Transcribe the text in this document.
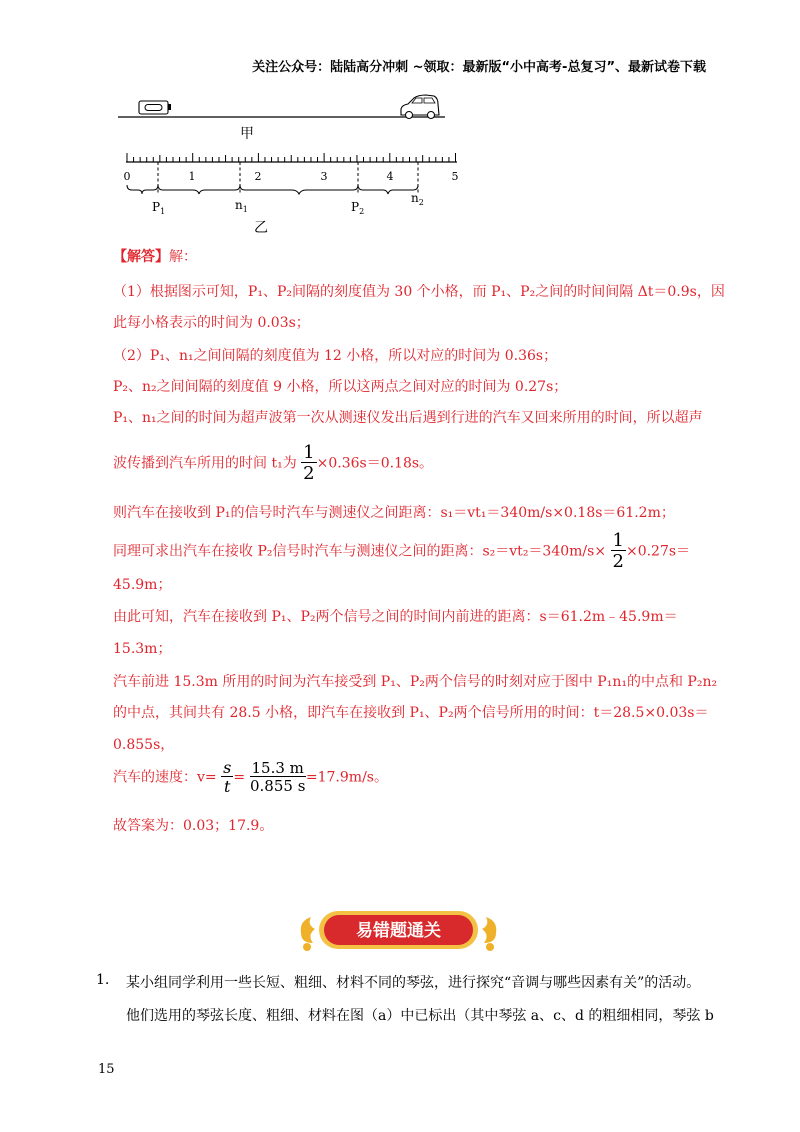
关注公众号：陆陆高分冲刺 ~领取：最新版“小中高考-总复习”、最新试卷下载
甲
0	1	2	3	4	5
$P_1$	$n_1$	$P_2$
$n_2$
乙
【解答】解：
（1）根据图示可知，P₁、P₂间隔的刻度值为 30 个小格，而 P₁、P₂之间的时间间隔 Δt＝0.9s，因
此每小格表示的时间为 0.03s；
（2）P₁、n₁之间间隔的刻度值为 12 小格，所以对应的时间为 0.36s；
P₂、n₂之间间隔的刻度值 9 小格，所以这两点之间对应的时间为 0.27s；
P₁、n₁之间的时间为超声波第一次从测速仪发出后遇到行进的汽车又回来所用的时间，所以超声
波传播到汽车所用的时间 t₁为 $\frac{1}{2} \times 0.36s=0.18s$。
则汽车在接收到 P₁的信号时汽车与测速仪之间距离：s₁＝vt₁＝340m/s×0.18s＝61.2m；
同理可求出汽车在接收 P₂信号时汽车与测速仪之间的距离：$s_2=vt_2=340m/s\times \frac{1}{2} \times 0.27s=$
45.9m；
由此可知，汽车在接收到 P₁、P₂两个信号之间的时间内前进的距离：s＝61.2m﹣45.9m＝
15.3m；
汽车前进 15.3m 所用的时间为汽车接受到 P₁、P₂两个信号的时刻对应于图中 P₁n₁的中点和 P₂n₂
的中点，其间共有 28.5 小格，即汽车在接收到 P₁、P₂两个信号所用的时间：t＝28.5×0.03s＝
0.855s，
汽车的速度：$v= \frac{s}{t} = \frac{15.3 m}{0.855 s} =17.9m/s$。
故答案为：0.03；17.9。
易错题通关
1. 某小组同学利用一些长短、粗细、材料不同的琴弦，进行探究“音调与哪些因素有关”的活动。
他们选用的琴弦长度、粗细、材料在图（a）中已标出（其中琴弦 a、c、d 的粗细相同，琴弦 b
15
